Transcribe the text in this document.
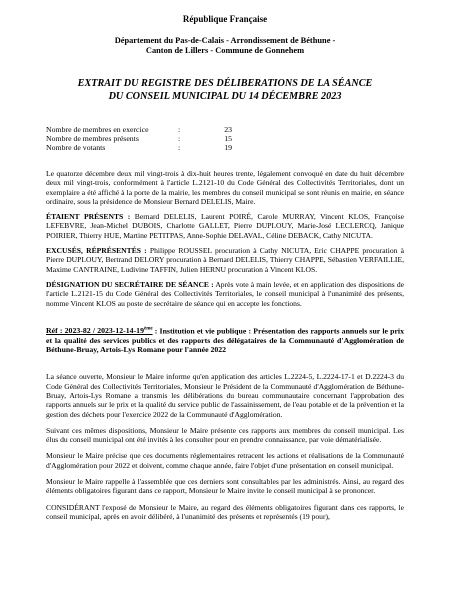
République Française
Département du Pas-de-Calais - Arrondissement de Béthune -
Canton de Lillers - Commune de Gonnehem
EXTRAIT DU REGISTRE DES DÉLIBERATIONS DE LA SÉANCE
DU CONSEIL MUNICIPAL DU 14 DÉCEMBRE 2023
Nombre de membres en exercice	:	23
Nombre de membres présents	:	15
Nombre de votants	:	19

Le quatorze décembre deux mil vingt-trois à dix-huit heures trente, légalement convoqué en date du huit décembre deux mil vingt-trois, conformément à l'article L.2121-10 du Code Général des Collectivités Territoriales, dont un exemplaire a été affiché à la porte de la mairie, les membres du conseil municipal se sont réunis en mairie, en séance ordinaire, sous la présidence de Monsieur Bernard DELELIS, Maire.

ÉTAIENT PRÉSENTS : Bernard DELELIS, Laurent POIRÉ, Carole MURRAY, Vincent KLOS, Françoise LEFEBVRE, Jean-Michel DUBOIS, Charlotte GALLET, Pierre DUPLOUY, Marie-José LECLERCQ, Janique POIRIER, Thierry HUE, Martine PETITPAS, Anne-Sophie DELAVAL, Céline DEBACK, Cathy NICUTA.

EXCUSÉS, RÉPRÉSENTÉS : Philippe ROUSSEL procuration à Cathy NICUTA, Eric CHAPPE procuration à Pierre DUPLOUY, Bertrand DELORY procuration à Bernard DELELIS, Thierry CHAPPE, Sébastien VERFAILLIE, Maxime CANTRAINE, Ludivine TAFFIN, Julien HERNU procuration à Vincent KLOS.

DÉSIGNATION DU SECRÉTAIRE DE SÉANCE : Après vote à main levée, et en application des dispositions de l'article L.2121-15 du Code Général des Collectivités Territoriales, le conseil municipal à l'unanimité des présents, nomme Vincent KLOS au poste de secrétaire de séance qui en accepte les fonctions.

Réf : 2023-82 / 2023-12-14-19ème : Institution et vie publique : Présentation des rapports annuels sur le prix et la qualité des services publics et des rapports des délégataires de la Communauté d'Agglomération de Béthune-Bruay, Artois-Lys Romane pour l'année 2022

La séance ouverte, Monsieur le Maire informe qu'en application des articles L.2224-5, L.2224-17-1 et D.2224-3 du Code Général des Collectivités Territoriales, Monsieur le Président de la Communauté d'Agglomération de Béthune-Bruay, Artois-Lys Romane a transmis les délibérations du bureau communautaire concernant l'approbation des rapports annuels sur le prix et la qualité du service public de l'assainissement, de l'eau potable et de la prévention et la gestion des déchets pour l'exercice 2022 de la Communauté d'Agglomération.

Suivant ces mêmes dispositions, Monsieur le Maire présente ces rapports aux membres du conseil municipal. Les élus du conseil municipal ont été invités à les consulter pour en prendre connaissance, par voie dématérialisée.

Monsieur le Maire précise que ces documents réglementaires retracent les actions et réalisations de la Communauté d'Agglomération pour 2022 et doivent, comme chaque année, faire l'objet d'une présentation en conseil municipal.

Monsieur le Maire rappelle à l'assemblée que ces derniers sont consultables par les administrés. Ainsi, au regard des éléments obligatoires figurant dans ce rapport, Monsieur le Maire invite le conseil municipal à se prononcer.

CONSIDÉRANT l'exposé de Monsieur le Maire, au regard des éléments obligatoires figurant dans ces rapports, le conseil municipal, après en avoir délibéré, à l'unanimité des présents et représentés (19 pour),
